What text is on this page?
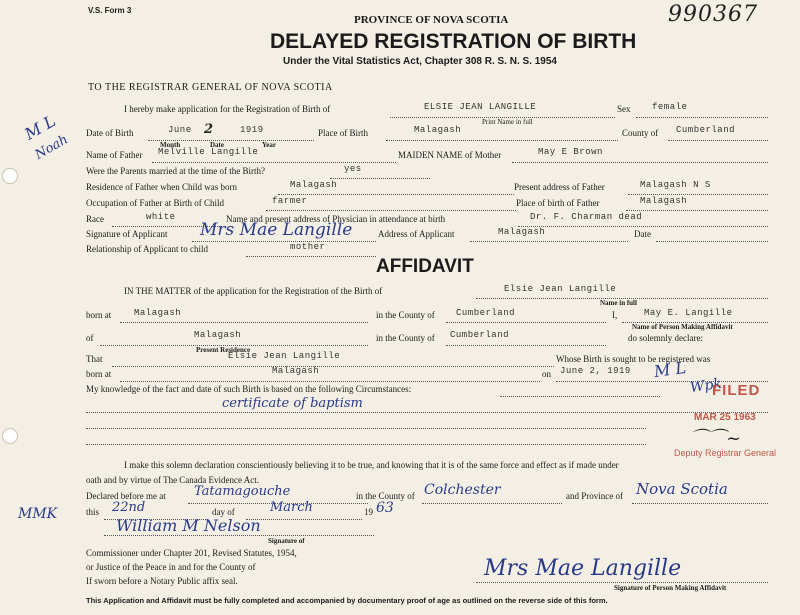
V.S. Form 3	990367
PROVINCE OF NOVA SCOTIA
DELAYED REGISTRATION OF BIRTH
Under the Vital Statistics Act, Chapter 308 R. S. N. S. 1954
TO THE REGISTRAR GENERAL OF NOVA SCOTIA
M L
Noah
MMK
I hereby make application for the Registration of Birth of	ELSIE JEAN LANGILLE
Print Name in full
Sex female
Date of Birth	June 2	1919
Month	Date	Year
Place of Birth	Malagash	County of Cumberland
Name of Father Melville Langille	MAIDEN NAME of Mother	May E Brown
Were the Parents married at the time of the Birth?	yes
Residence of Father when Child was born	Malagash	Present address of Father	Malagash N S
Occupation of Father at Birth of Child	farmer	Place of birth of Father	Malagash
Race	white	Name and present address of Physician in attendance at birth	Dr. F. Charman dead
Signature of Applicant Mrs Mae Langille	Address of Applicant	Malagash	Date
Relationship of Applicant to child	mother
AFFIDAVIT
IN THE MATTER of the application for the Registration of the Birth of	Elsie Jean Langille
Name in full
born at	Malagash	in the County of Cumberland	I,	May E. Langille
Name of Person Making Affidavit
of	Malagash
Present Residence
in the County of Cumberland	do solemnly declare:
That	Elsie Jean Langille	Whose Birth is sought to be registered was
born at	Malagash	on June 2, 1919 M L
Wpk
My knowledge of the fact and date of such Birth is based on the following Circumstances:
certificate of baptism
FILED
MAR 25 1963
⌒⌒~
Deputy Registrar General
I make this solemn declaration conscientiously believing it to be true, and knowing that it is of the same force and effect as if made under
oath and by virtue of The Canada Evidence Act.
Declared before me at Tatamagouche	in the County of Colchester	and Province of Nova Scotia
this 22nd	day of	March	19 63
William M Nelson
Signature of
Commissioner under Chapter 201, Revised Statutes, 1954,
or Justice of the Peace in and for the County of
If sworn before a Notary Public affix seal.	Mrs Mae Langille
Signature of Person Making Affidavit
This Application and Affidavit must be fully completed and accompanied by documentary proof of age as outlined on the reverse side of this form.
